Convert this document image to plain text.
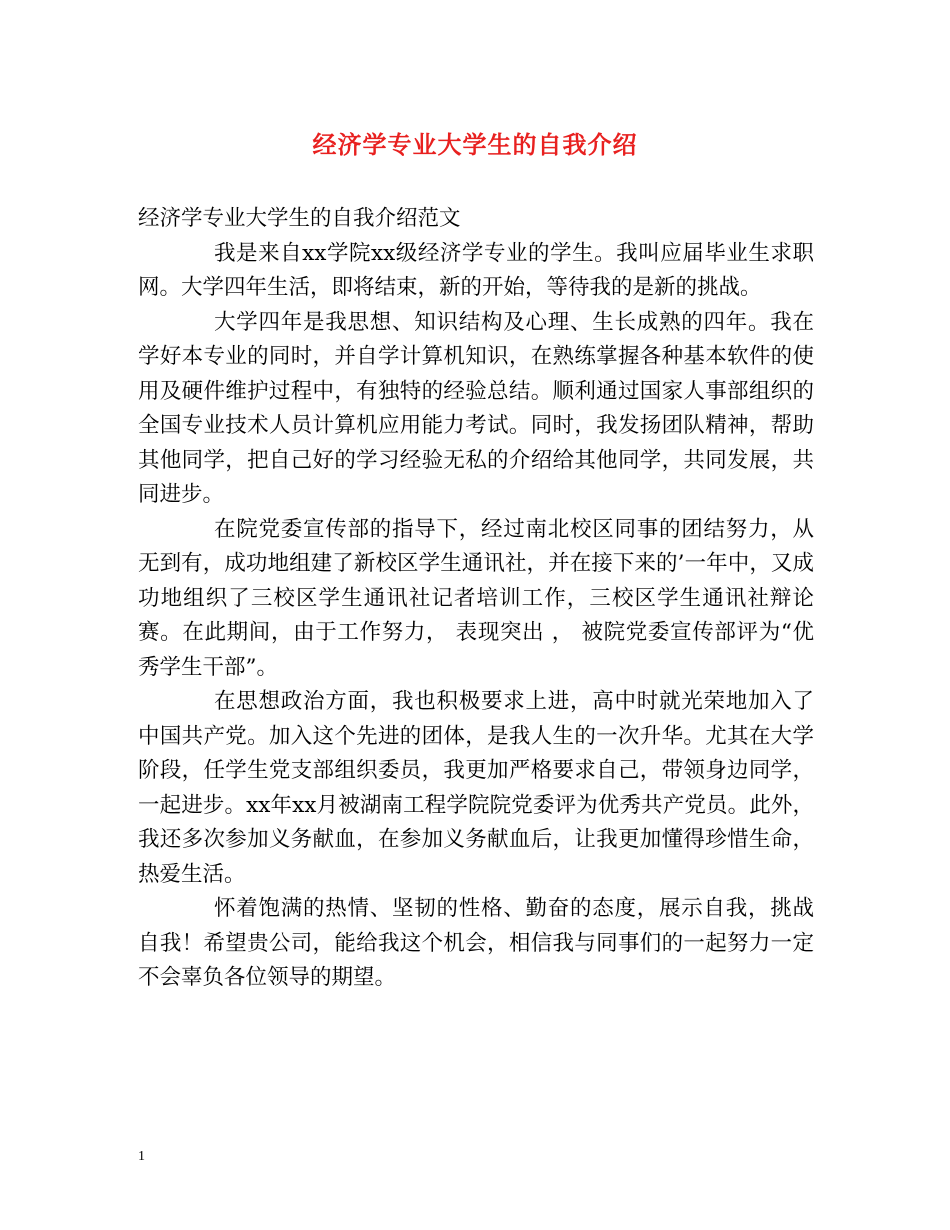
经济学专业大学生的自我介绍

经济学专业大学生的自我介绍范文

我是来自xx学院xx级经济学专业的学生。我叫应届毕业生求职网。大学四年生活，即将结束，新的开始，等待我的是新的挑战。

大学四年是我思想、知识结构及心理、生长成熟的四年。我在学好本专业的同时，并自学计算机知识，在熟练掌握各种基本软件的使用及硬件维护过程中，有独特的经验总结。顺利通过国家人事部组织的全国专业技术人员计算机应用能力考试。同时，我发扬团队精神，帮助其他同学，把自己好的学习经验无私的介绍给其他同学，共同发展，共同进步。

在院党委宣传部的指导下，经过南北校区同事的团结努力，从无到有，成功地组建了新校区学生通讯社，并在接下来的’一年中，又成功地组织了三校区学生通讯社记者培训工作，三校区学生通讯社辩论赛。在此期间，由于工作努力， 表现突出 ， 被院党委宣传部评为“优秀学生干部”。

在思想政治方面，我也积极要求上进，高中时就光荣地加入了中国共产党。加入这个先进的团体，是我人生的一次升华。尤其在大学阶段，任学生党支部组织委员，我更加严格要求自己，带领身边同学，一起进步。xx年xx月被湖南工程学院院党委评为优秀共产党员。此外，我还多次参加义务献血，在参加义务献血后，让我更加懂得珍惜生命，热爱生活。

怀着饱满的热情、坚韧的性格、勤奋的态度，展示自我，挑战自我！希望贵公司，能给我这个机会，相信我与同事们的一起努力一定不会辜负各位领导的期望。

1
